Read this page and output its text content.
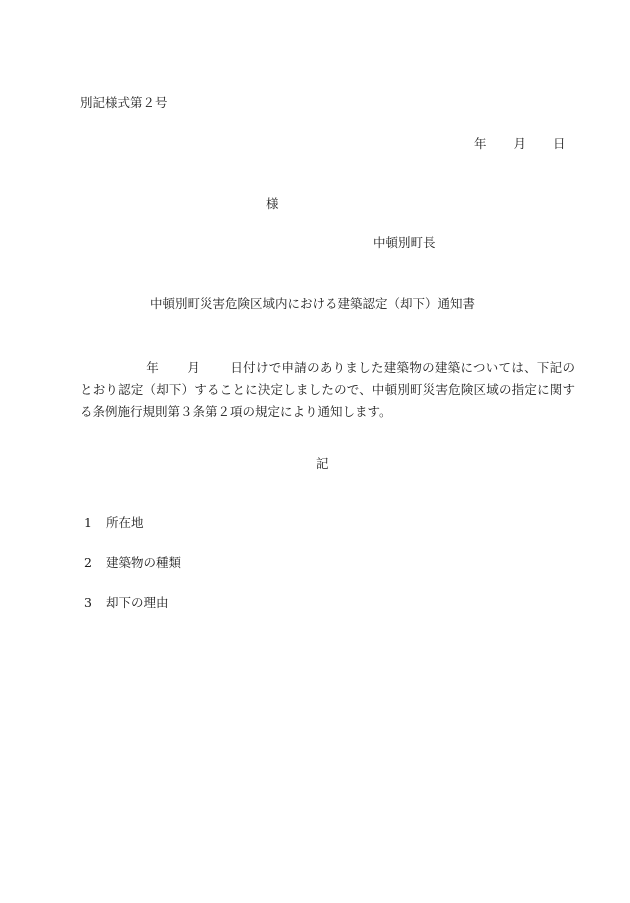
別記様式第２号
年 月 日
様
中頓別町長
中頓別町災害危険区域内における建築認定（却下）通知書
年 月 日付けで申請のありました建築物の建築については、下記のとおり認定（却下）することに決定しましたので、中頓別町災害危険区域の指定に関する条例施行規則第３条第２項の規定により通知します。
記
1 所在地
2 建築物の種類
3 却下の理由
